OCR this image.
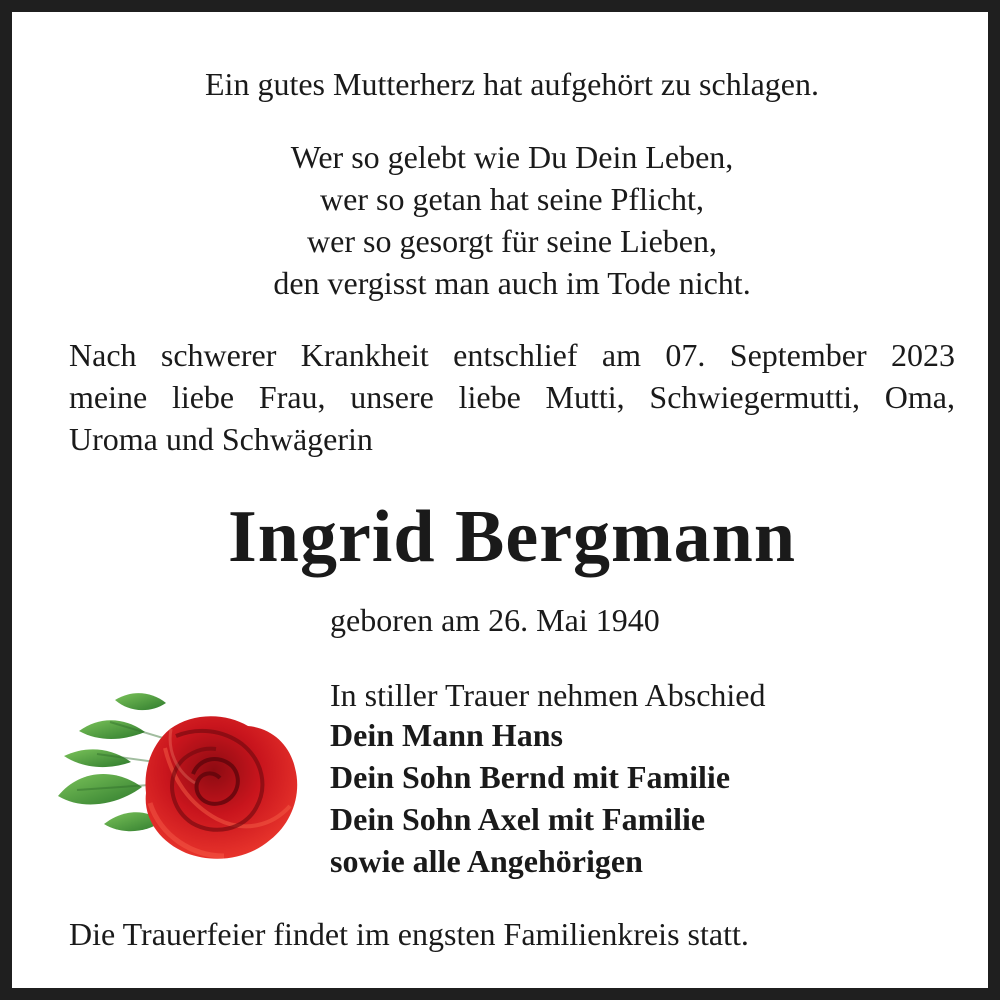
Ein gutes Mutterherz hat aufgehört zu schlagen.
Wer so gelebt wie Du Dein Leben,
wer so getan hat seine Pflicht,
wer so gesorgt für seine Lieben,
den vergisst man auch im Tode nicht.
Nach schwerer Krankheit entschlief am 07. September 2023
meine liebe Frau, unsere liebe Mutti, Schwiegermutti, Oma,
Uroma und Schwägerin
Ingrid Bergmann
geboren am 26. Mai 1940
In stiller Trauer nehmen Abschied
Dein Mann Hans
Dein Sohn Bernd mit Familie
Dein Sohn Axel mit Familie
sowie alle Angehörigen
Die Trauerfeier findet im engsten Familienkreis statt.
